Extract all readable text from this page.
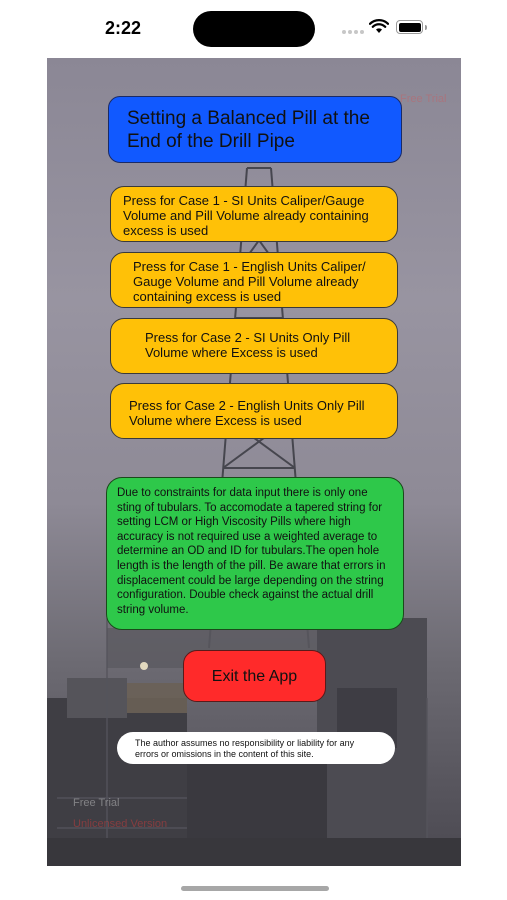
2:22
Free Trial
Free Trial
Unlicensed Version
Setting a Balanced Pill at the End of the Drill Pipe
Press for Case 1 - SI Units Caliper/Gauge Volume and Pill Volume already containing excess is used
Press for Case 1 - English Units Caliper/ Gauge Volume and Pill Volume already containing excess is used
Press for Case 2 - SI Units Only Pill Volume where Excess is used
Press for Case 2 - English Units Only Pill Volume where Excess is used
Due to constraints for data input there is only one sting of tubulars. To accomodate a tapered string for setting LCM or High Viscosity Pills where high accuracy is not required use a weighted average to determine an OD and ID for tubulars.The open hole length is the length of the pill. Be aware that errors in displacement could be large depending on the string configuration. Double check against the actual drill string volume.
Exit the App
The author assumes no responsibility or liability for any errors or omissions in the content of this site.
